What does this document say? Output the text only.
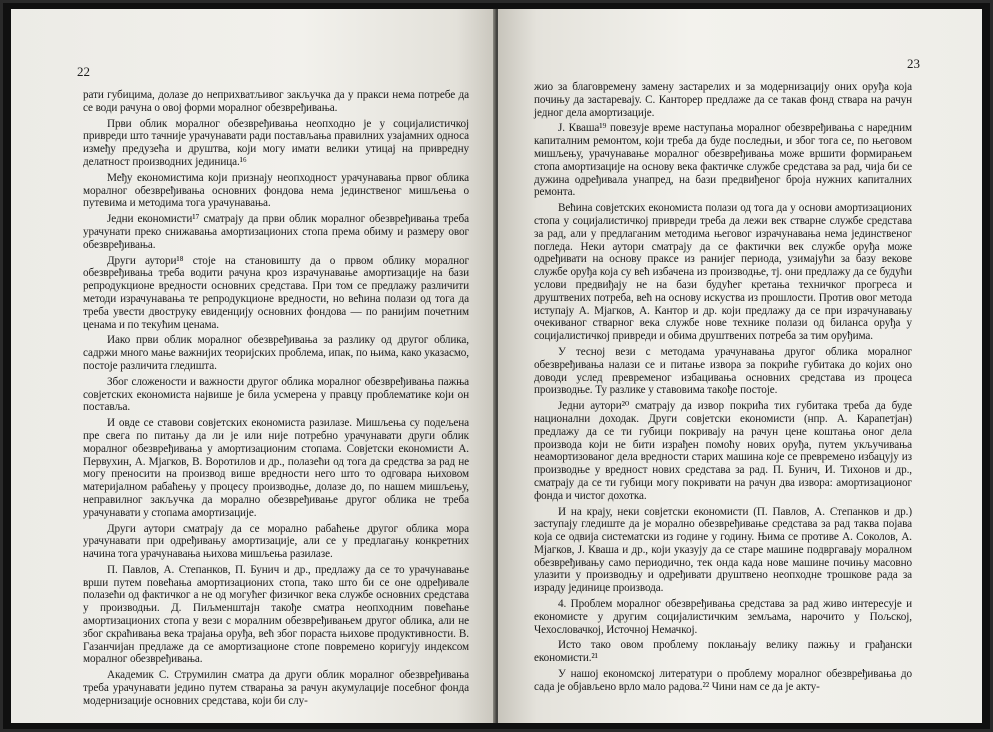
22

рати губицима, долазе до неприхватљивог закључка да у пракси нема потребе да се води рачуна о овој форми моралног обезвређивања.

Први облик моралног обезвређивања неопходно је у социјалистичкој привреди што тачније урачунавати ради постављања правилних узајамних односа између предузећа и друштва, који могу имати велики утицај на привредну делатност производних јединица.¹⁶

Међу економистима који признају неопходност урачунавања првог облика моралног обезвређивања основних фондова нема јединственог мишљења о путевима и методима тога урачунавања.

Једни економисти¹⁷ сматрају да први облик моралног обезвређивања треба урачунати преко снижавања амортизационих стопа према обиму и размеру овог обезвређивања.

Други аутори¹⁸ стоје на становишту да о првом облику моралног обезвређивања треба водити рачуна кроз израчунавање амортизације на бази репродукционе вредности основних средстава. При том се предлажу различити методи израчунавања те репродукционе вредности, но већина полази од тога да треба увести двоструку евиденцију основних фондова — по ранијим почетним ценама и по текућим ценама.

Иако први облик моралног обезвређивања за разлику од другог облика, садржи много мање важнијих теоријских проблема, ипак, по њима, како указасмо, постоје различита гледишта.

Због сложености и важности другог облика моралног обезвређивања пажња совјетских економиста највише је била усмерена у правцу проблематике који он поставља.

И овде се ставови совјетских економиста разилазе. Мишљења су подељена пре свега по питању да ли је или није потребно урачунавати други облик моралног обезвређивања у амортизационим стопама. Совјетски економисти А. Первухин, А. Мјагков, В. Воротилов и др., полазећи од тога да средства за рад не могу преносити на производ више вредности него што то одговара њиховом материјалном рабаћењу у процесу производње, долазе до, по нашем мишљењу, неправилног закључка да морално обезвређивање другог облика не треба урачунавати у стопама амортизације.

Други аутори сматрају да се морално рабаћење другог облика мора урачунавати при одређивању амортизације, али се у предлагању конкретних начина тога урачунавања њихова мишљења разилазе.

П. Павлов, А. Степанков, П. Бунич и др., предлажу да се то урачунавање врши путем повећања амортизационих стопа, тако што би се оне одређивале полазећи од фактичког а не од могућег физичког века службе основних средстава у производњи. Д. Пиљменштајн такође сматра неопходним повећање амортизационих стопа у вези с моралним обезвређивањем другог облика, али не због скраћивања века трајања оруђа, већ због пораста њихове продуктивности. В. Газанчијан предлаже да се амортизационе стопе повремено коригују индексом моралног обезвређивања.

Академик С. Струмилин сматра да други облик моралног обезвређивања треба урачунавати једино путем стварања за рачун акумулације посебног фонда модернизације основних средстава, који би слу-

23

жио за благовремену замену застарелих и за модернизацију оних оруђа која почињу да застаревају. С. Канторер предлаже да се такав фонд ствара на рачун једног дела амортизације.

Ј. Кваша¹⁹ повезује време наступања моралног обезвређивања с наредним капиталним ремонтом, који треба да буде последњи, и због тога се, по његовом мишљењу, урачунавање моралног обезвређивања може вршити формирањем стопа амортизације на основу века фактичке службе средстава за рад, чија би се дужина одређивала унапред, на бази предвиђеног броја нужних капиталних ремонта.

Већина совјетских економиста полази од тога да у основи амортизационих стопа у социјалистичкој привреди треба да лежи век стварне службе средстава за рад, али у предлаганим методима његовог израчунавања нема јединственог погледа. Неки аутори сматрају да се фактички век службе оруђа може одређивати на основу праксе из ранијег периода, узимајући за базу векове службе оруђа која су већ избачена из производње, тј. они предлажу да се будући услови предвиђају не на бази будућег кретања техничког прогреса и друштвених потреба, већ на основу искуства из прошлости. Против овог метода иступају А. Мјагков, А. Кантор и др. који предлажу да се при израчунавању очекиваног стварног века службе нове технике полази од биланса оруђа у социјалистичкој привреди и обима друштвених потреба за тим оруђима.

У тесној вези с методама урачунавања другог облика моралног обезвређивања налази се и питање извора за покриће губитака до којих оно доводи услед превременог избацивања основних средстава из процеса производње. Ту разлике у ставовима такође постоје.

Једни аутори²⁰ сматрају да извор покрића тих губитака треба да буде национални доходак. Други совјетски економисти (нпр. А. Карапетјан) предлажу да се ти губици покривају на рачун цене коштања оног дела производа који не бити израђен помоћу нових оруђа, путем укључивања неамортизованог дела вредности старих машина које се превремено избацују из производње у вредност нових средстава за рад. П. Бунич, И. Тихонов и др., сматрају да се ти губици могу покривати на рачун два извора: амортизационог фонда и чистог дохотка.

И на крају, неки совјетски економисти (П. Павлов, А. Степанков и др.) заступају гледиште да је морално обезвређивање средстава за рад таква појава која се одвија систематски из године у годину. Њима се противе А. Соколов, А. Мјагков, Ј. Кваша и др., који указују да се старе машине подвргавају моралном обезвређивању само периодично, тек онда када нове машине почињу масовно улазити у производњу и одређивати друштвено неопходне трошкове рада за израду јединице производа.

4. Проблем моралног обезвређивања средстава за рад живо интересује и економисте у другим социјалистичким земљама, нарочито у Пољској, Чехословачкој, Источној Немачкој.

Исто тако овом проблему поклањају велику пажњу и грађански економисти.²¹

У нашој економској литератури о проблему моралног обезвређивања до сада је објављено врло мало радова.²² Чини нам се да је акту-
